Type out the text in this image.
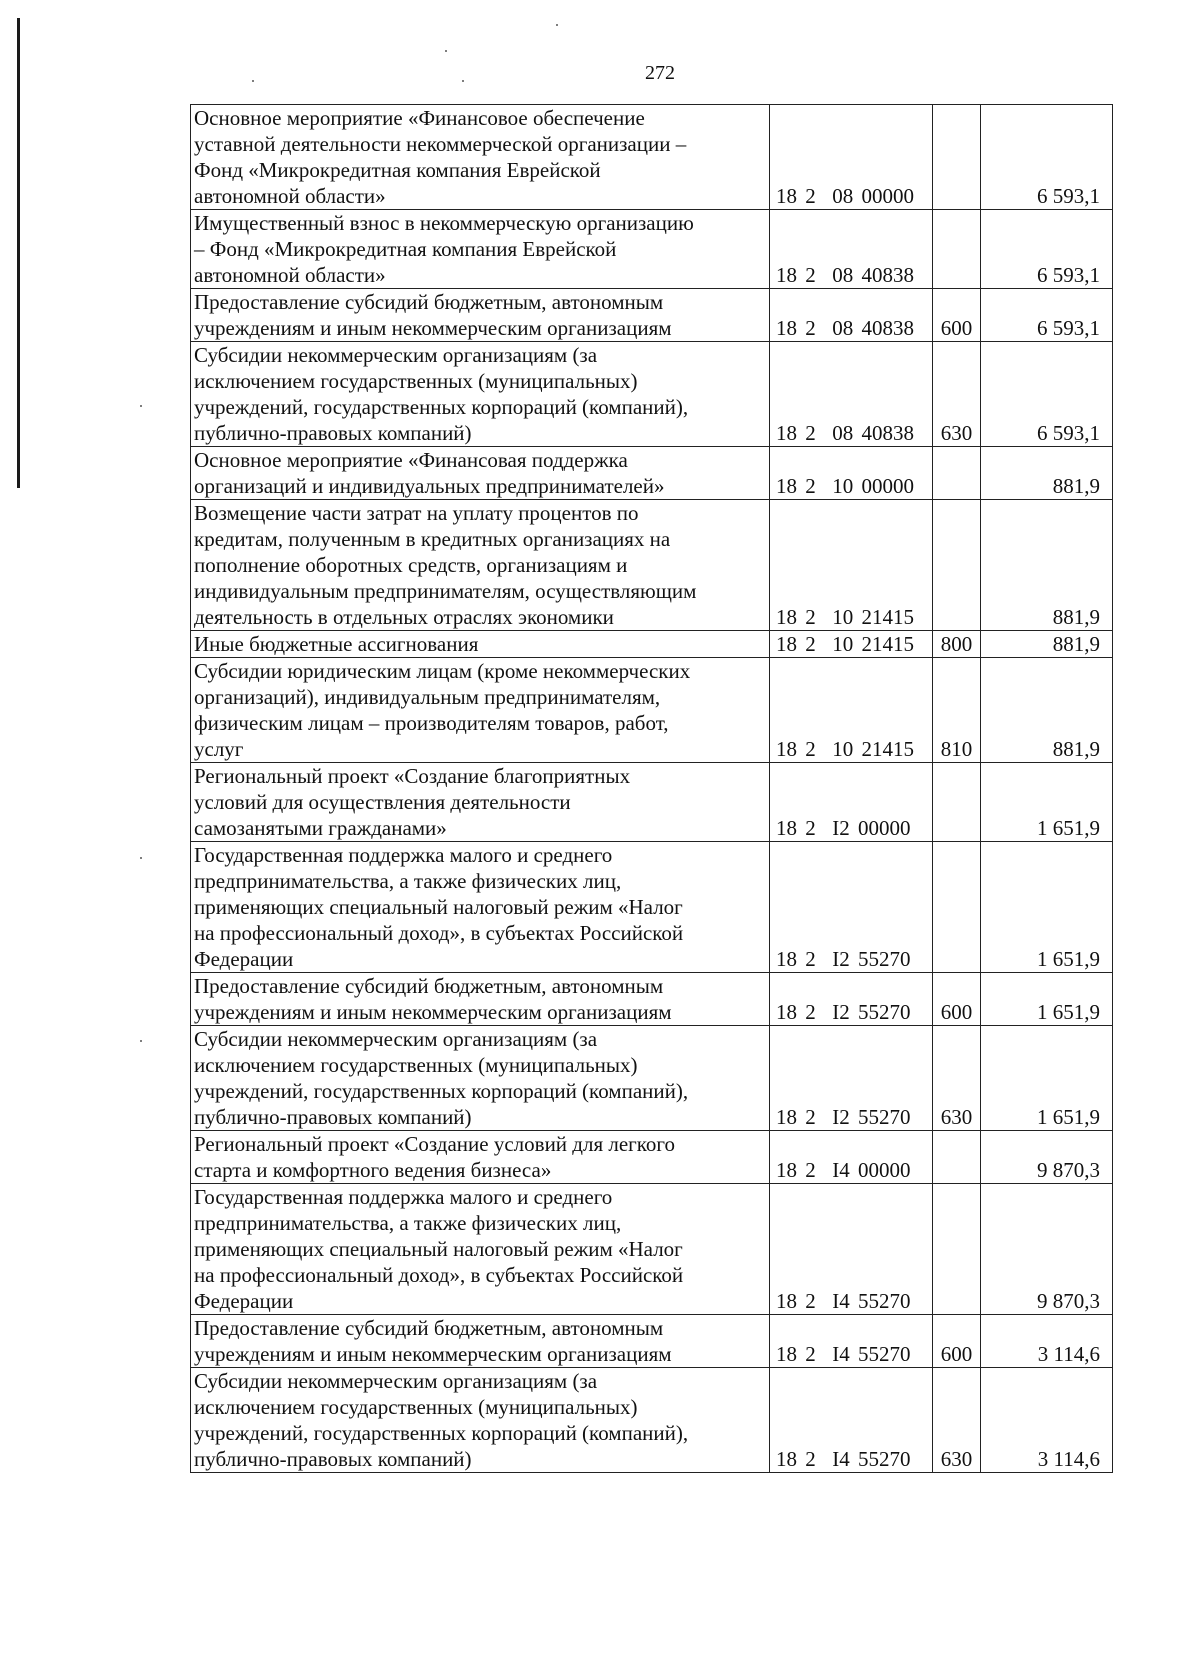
272
Основное мероприятие «Финансовое обеспечение
уставной деятельности некоммерческой организации –
Фонд «Микрокредитная компания Еврейской
автономной области»	18 2  08 00000		6 593,1
Имущественный взнос в некоммерческую организацию
– Фонд «Микрокредитная компания Еврейской
автономной области»	18 2  08 40838		6 593,1
Предоставление субсидий бюджетным, автономным
учреждениям и иным некоммерческим организациям	18 2  08 40838	600	6 593,1
Субсидии некоммерческим организациям (за
исключением государственных (муниципальных)
учреждений, государственных корпораций (компаний),
публично-правовых компаний)	18 2  08 40838	630	6 593,1
Основное мероприятие «Финансовая поддержка
организаций и индивидуальных предпринимателей»	18 2  10 00000		881,9
Возмещение части затрат на уплату процентов по
кредитам, полученным в кредитных организациях на
пополнение оборотных средств, организациям и
индивидуальным предпринимателям, осуществляющим
деятельность в отдельных отраслях экономики	18 2  10 21415		881,9
Иные бюджетные ассигнования	18 2  10 21415	800	881,9
Субсидии юридическим лицам (кроме некоммерческих
организаций), индивидуальным предпринимателям,
физическим лицам – производителям товаров, работ,
услуг	18 2  10 21415	810	881,9
Региональный проект «Создание благоприятных
условий для осуществления деятельности
самозанятыми гражданами»	18 2  I2 00000		1 651,9
Государственная поддержка малого и среднего
предпринимательства, а также физических лиц,
применяющих специальный налоговый режим «Налог
на профессиональный доход», в субъектах Российской
Федерации	18 2  I2 55270		1 651,9
Предоставление субсидий бюджетным, автономным
учреждениям и иным некоммерческим организациям	18 2  I2 55270	600	1 651,9
Субсидии некоммерческим организациям (за
исключением государственных (муниципальных)
учреждений, государственных корпораций (компаний),
публично-правовых компаний)	18 2  I2 55270	630	1 651,9
Региональный проект «Создание условий для легкого
старта и комфортного ведения бизнеса»	18 2  I4 00000		9 870,3
Государственная поддержка малого и среднего
предпринимательства, а также физических лиц,
применяющих специальный налоговый режим «Налог
на профессиональный доход», в субъектах Российской
Федерации	18 2  I4 55270		9 870,3
Предоставление субсидий бюджетным, автономным
учреждениям и иным некоммерческим организациям	18 2  I4 55270	600	3 114,6
Субсидии некоммерческим организациям (за
исключением государственных (муниципальных)
учреждений, государственных корпораций (компаний),
публично-правовых компаний)	18 2  I4 55270	630	3 114,6
